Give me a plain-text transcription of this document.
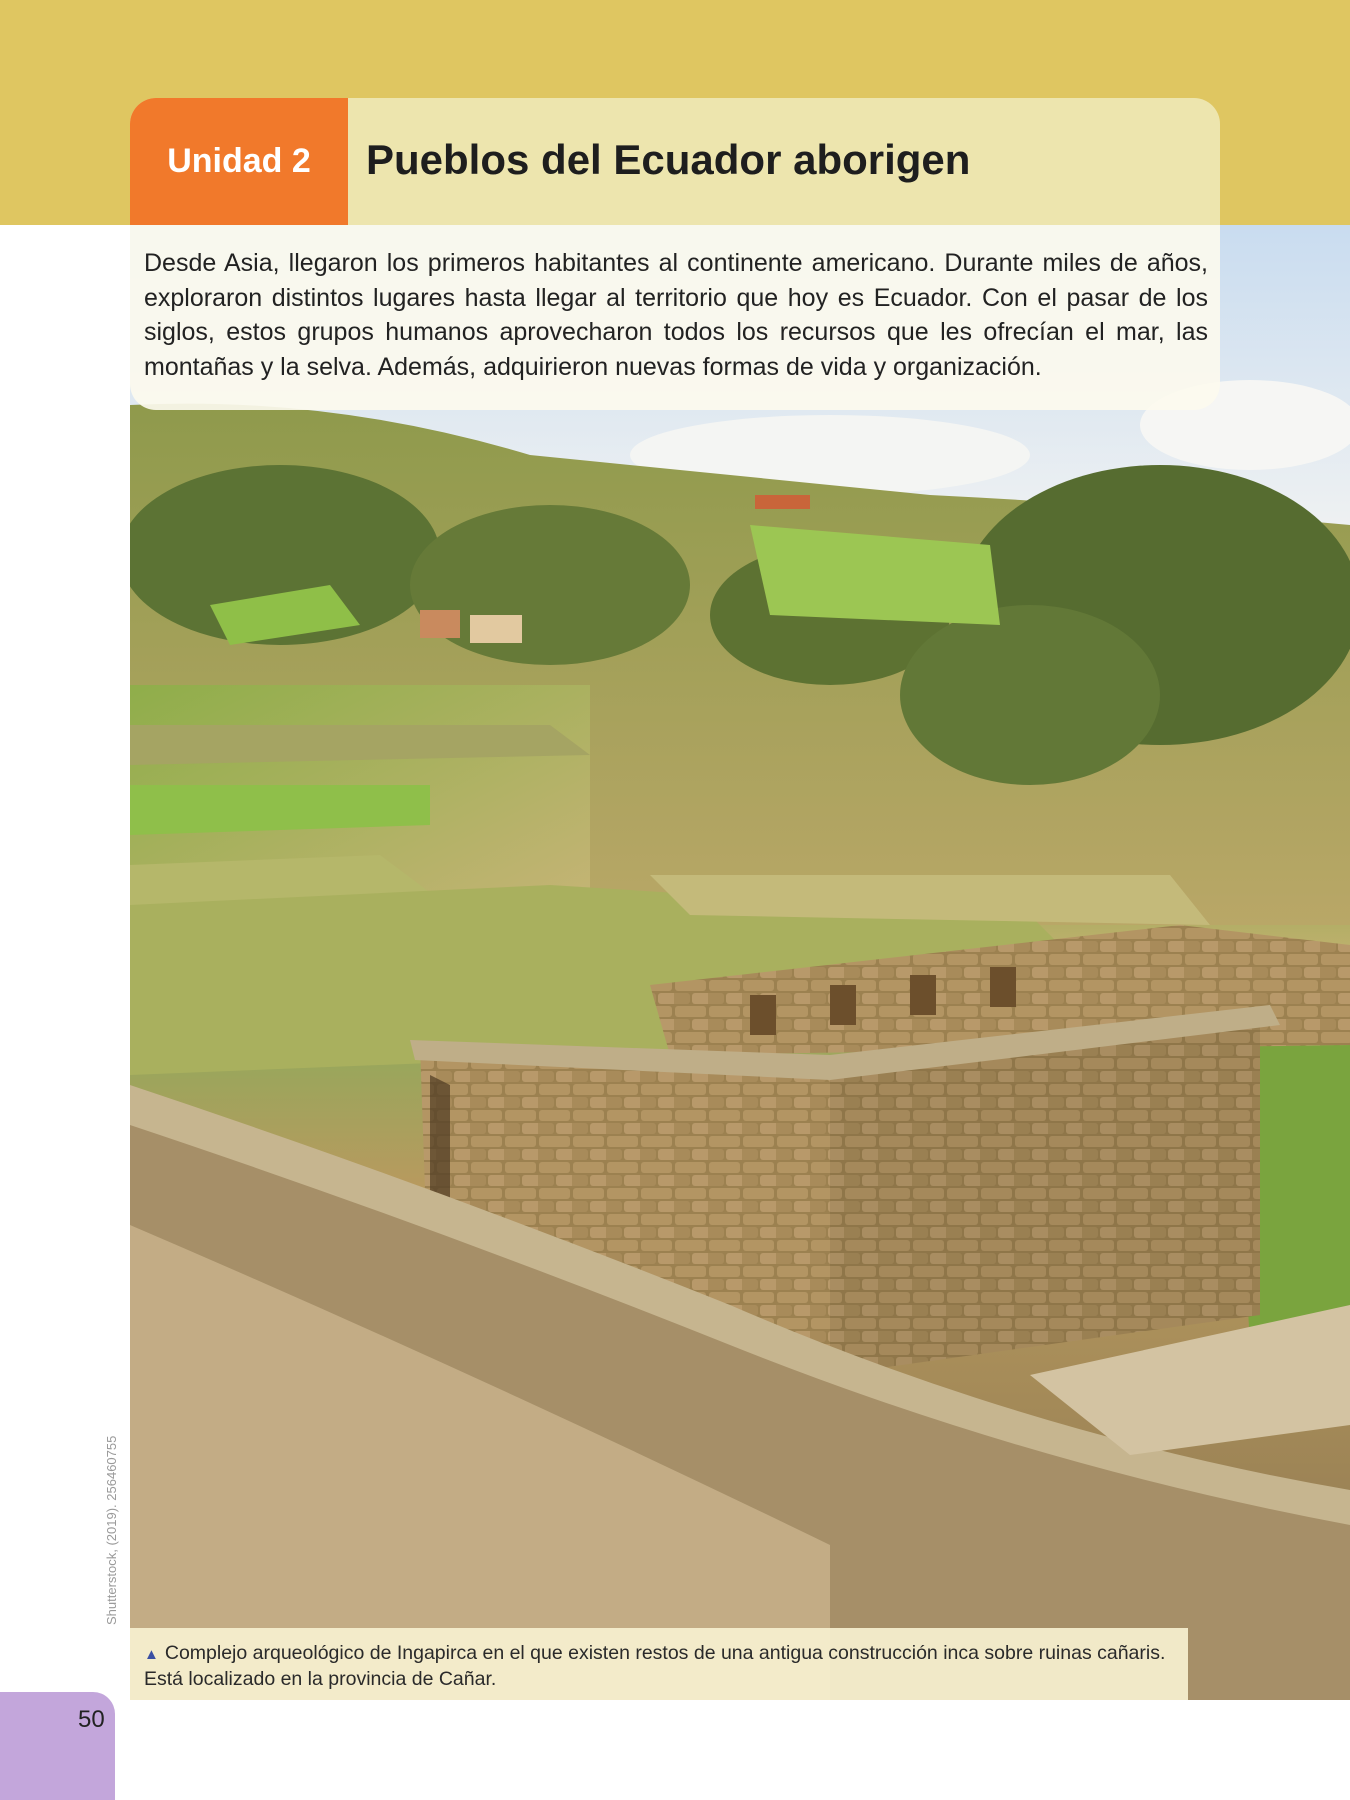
Unidad 2 Pueblos del Ecuador aborigen

Desde Asia, llegaron los primeros habitantes al continente americano. Durante miles de años, exploraron distintos lugares hasta llegar al territorio que hoy es Ecuador. Con el pasar de los siglos, estos grupos humanos aprovecharon todos los recursos que les ofrecían el mar, las montañas y la selva. Además, adquirieron nuevas formas de vida y organización.

▲ Complejo arqueológico de Ingapirca en el que existen restos de una antigua construcción inca sobre ruinas cañaris. Está localizado en la provincia de Cañar.
Shutterstock, (2019). 256460755
50
